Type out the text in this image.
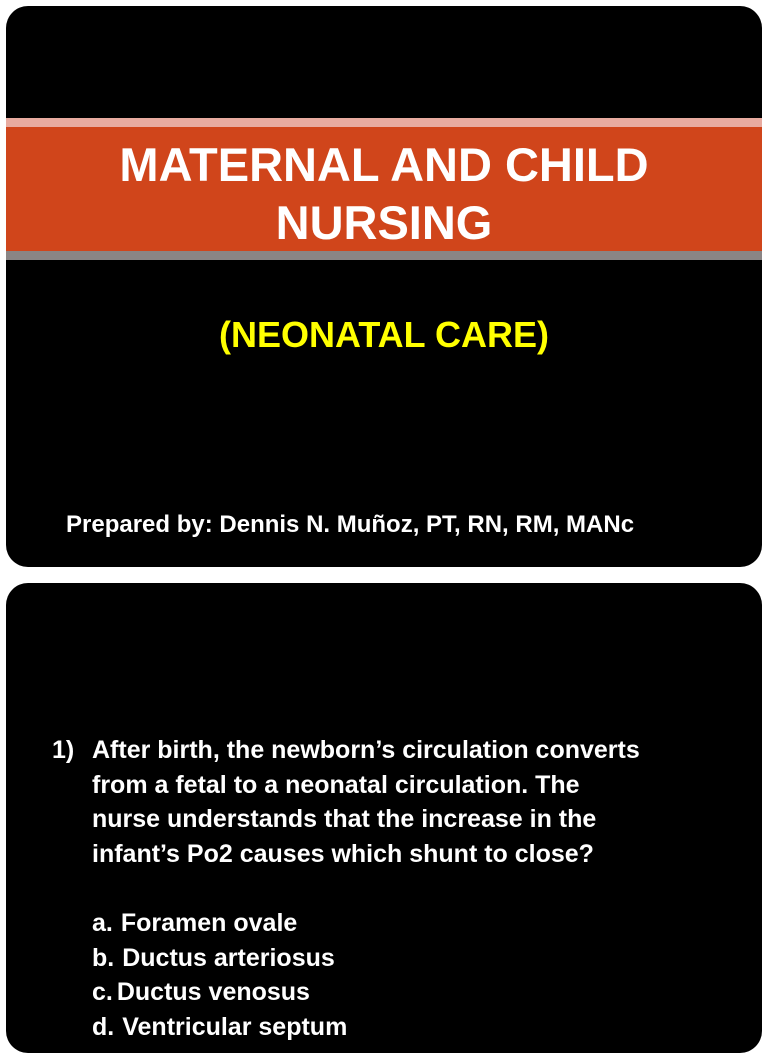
MATERNAL AND CHILD
NURSING
(NEONATAL CARE)
Prepared by: Dennis N. Muñoz, PT, RN, RM, MANc
1) After birth, the newborn’s circulation converts
from a fetal to a neonatal circulation. The
nurse understands that the increase in the
infant’s Po2 causes which shunt to close?
a. Foramen ovale
b. Ductus arteriosus
c. Ductus venosus
d. Ventricular septum
